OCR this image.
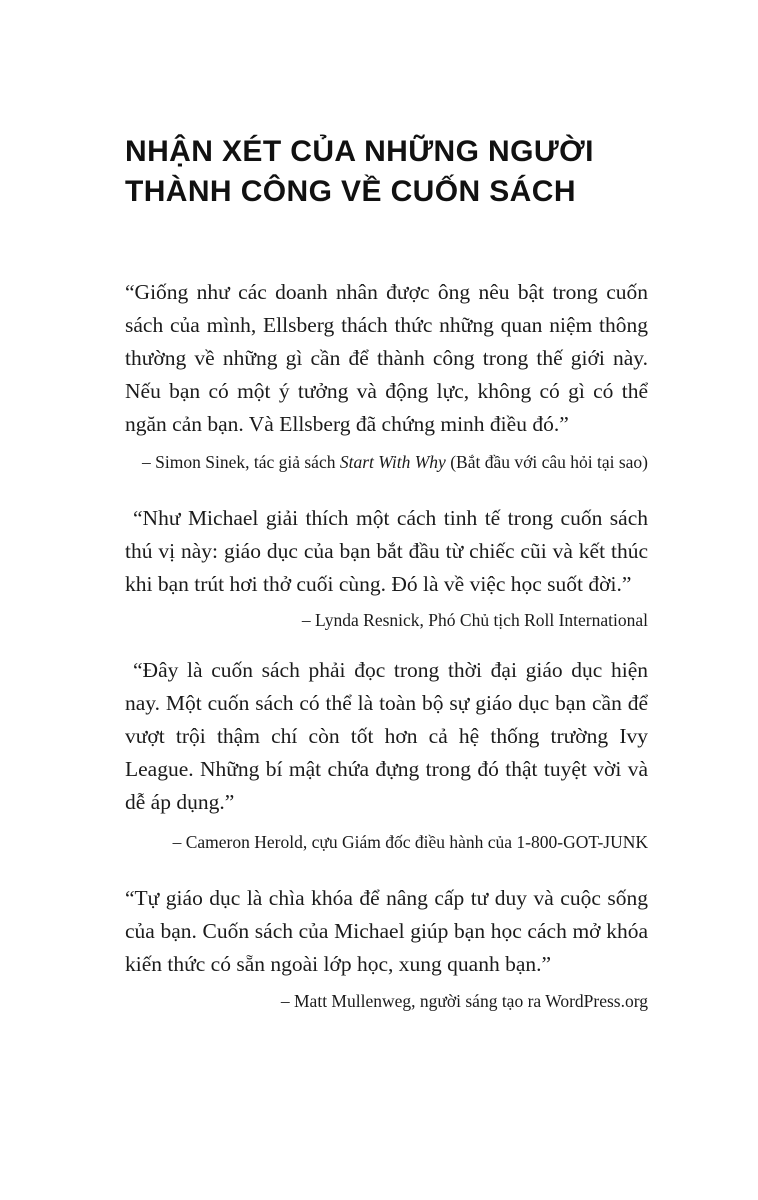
NHẬN XÉT CỦA NHỮNG NGƯỜI
THÀNH CÔNG VỀ CUỐN SÁCH

“Giống như các doanh nhân được ông nêu bật trong cuốn sách của mình, Ellsberg thách thức những quan niệm thông thường về những gì cần để thành công trong thế giới này. Nếu bạn có một ý tưởng và động lực, không có gì có thể ngăn cản bạn. Và Ellsberg đã chứng minh điều đó.”

– Simon Sinek, tác giả sách Start With Why (Bắt đầu với câu hỏi tại sao)

“Như Michael giải thích một cách tinh tế trong cuốn sách thú vị này: giáo dục của bạn bắt đầu từ chiếc cũi và kết thúc khi bạn trút hơi thở cuối cùng. Đó là về việc học suốt đời.”

– Lynda Resnick, Phó Chủ tịch Roll International

“Đây là cuốn sách phải đọc trong thời đại giáo dục hiện nay. Một cuốn sách có thể là toàn bộ sự giáo dục bạn cần để vượt trội thậm chí còn tốt hơn cả hệ thống trường Ivy League. Những bí mật chứa đựng trong đó thật tuyệt vời và dễ áp dụng.”

– Cameron Herold, cựu Giám đốc điều hành của 1-800-GOT-JUNK

“Tự giáo dục là chìa khóa để nâng cấp tư duy và cuộc sống của bạn. Cuốn sách của Michael giúp bạn học cách mở khóa kiến thức có sẵn ngoài lớp học, xung quanh bạn.”

– Matt Mullenweg, người sáng tạo ra WordPress.org
